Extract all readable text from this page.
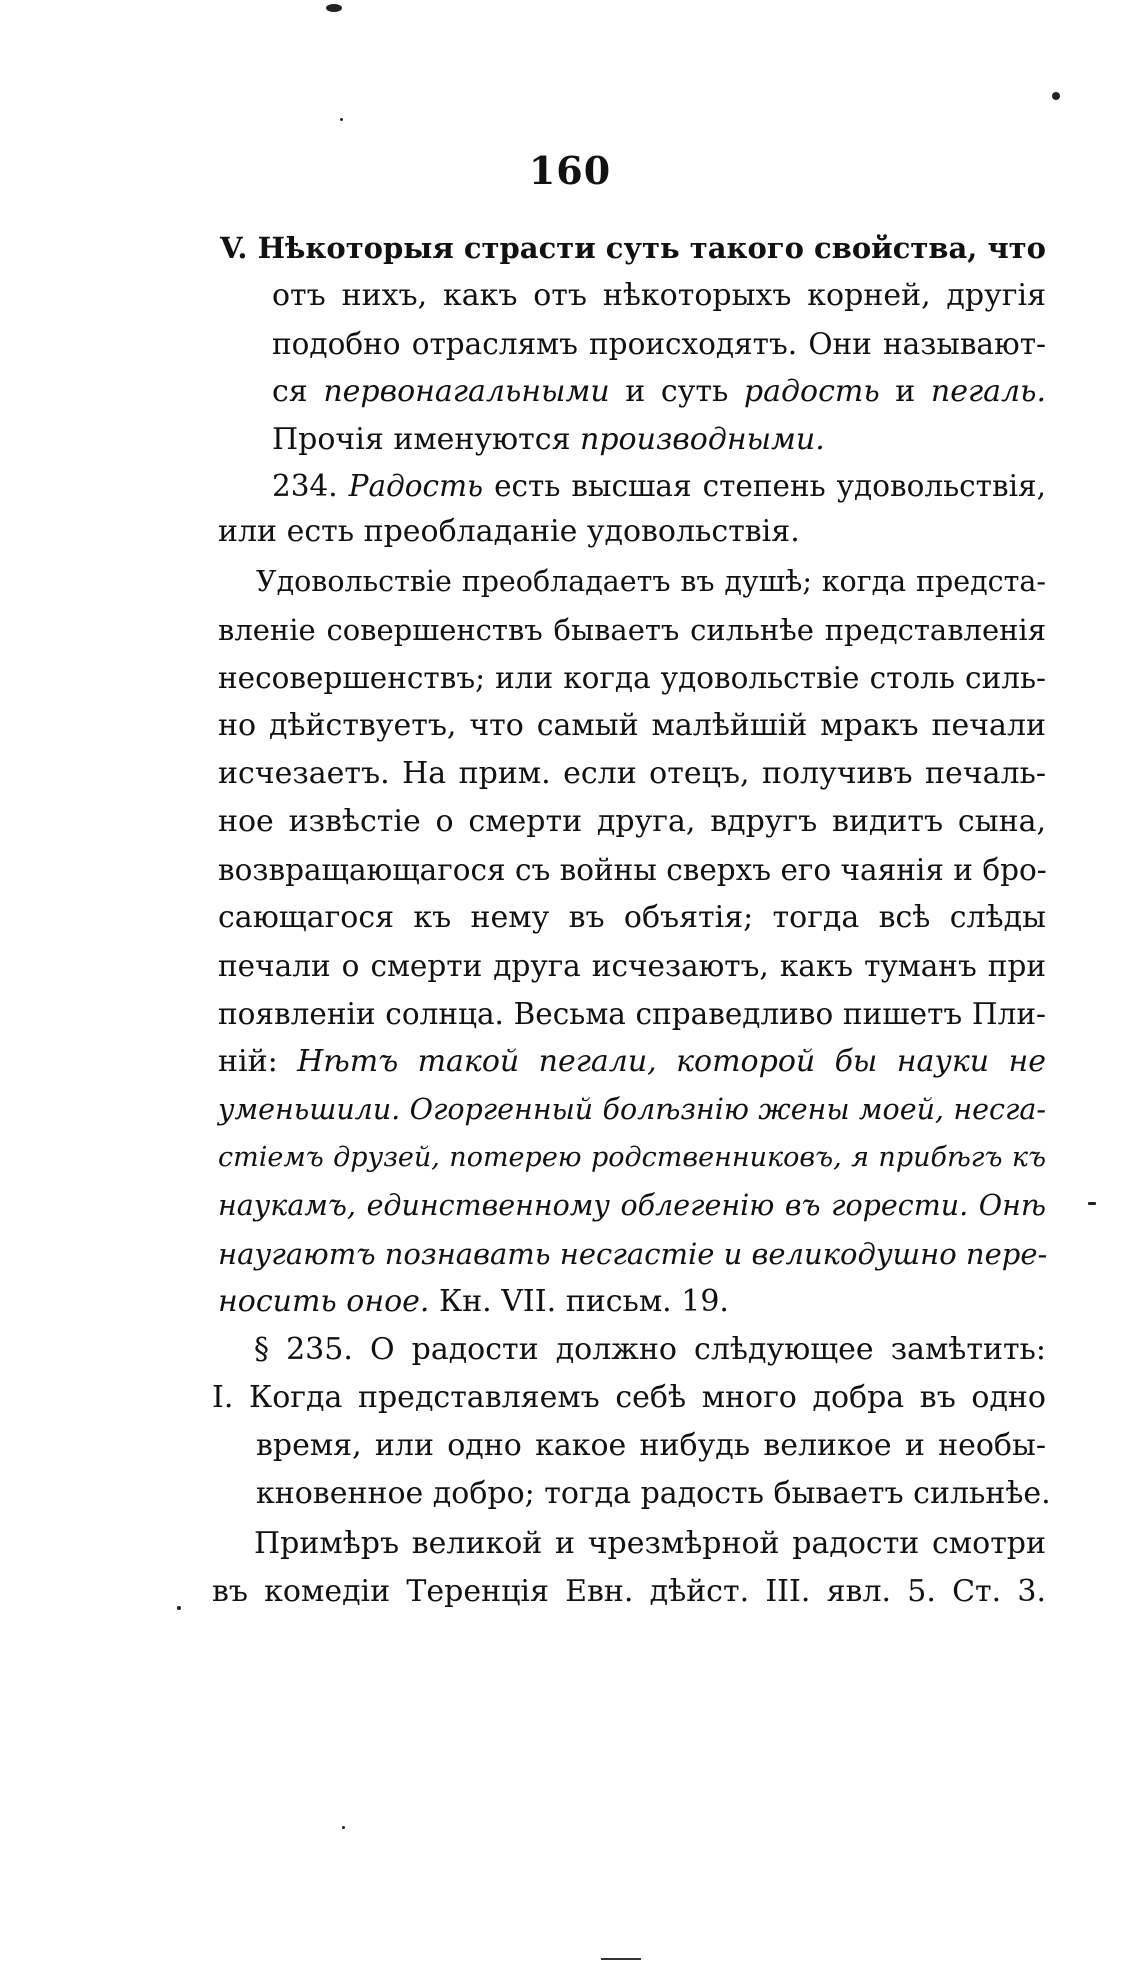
160
V. Нѣкоторыя страсти суть такого свойства, что
отъ нихъ, какъ отъ нѣкоторыхъ корней, другія
подобно отраслямъ происходятъ. Они называют-
ся первонагальными и суть радость и пегаль.
Прочія именуются производными.
234. Радость есть высшая степень удовольствія,
или есть преобладаніе удовольствія.
Удовольствіе преобладаетъ въ душѣ; когда предста-
вленіе совершенствъ бываетъ сильнѣе представленія
несовершенствъ; или когда удовольствіе столь силь-
но дѣйствуетъ, что самый малѣйшій мракъ печали
исчезаетъ. На прим. если отецъ, получивъ печаль-
ное извѣстіе о смерти друга, вдругъ видитъ сына,
возвращающагося съ войны сверхъ его чаянія и бро-
сающагося къ нему въ объятія; тогда всѣ слѣды
печали о смерти друга исчезаютъ, какъ туманъ при
появленіи солнца. Весьма справедливо пишетъ Пли-
ній: Нѣтъ такой пегали, которой бы науки не
уменьшили. Огоргенный болѣзнію жены моей, несга-
стіемъ друзей, потерею родственниковъ, я прибѣгъ къ
наукамъ, единственному облегенію въ горести. Онѣ
наугаютъ познавать несгастіе и великодушно пере-
носить оное. Кн. VII. письм. 19.
§ 235. О радости должно слѣдующее замѣтить:
I. Когда представляемъ себѣ много добра въ одно
время, или одно какое нибудь великое и необы-
кновенное добро; тогда радость бываетъ сильнѣе.
Примѣръ великой и чрезмѣрной радости смотри
въ комедіи Теренція Евн. дѣйст. III. явл. 5. Ст. 3.
